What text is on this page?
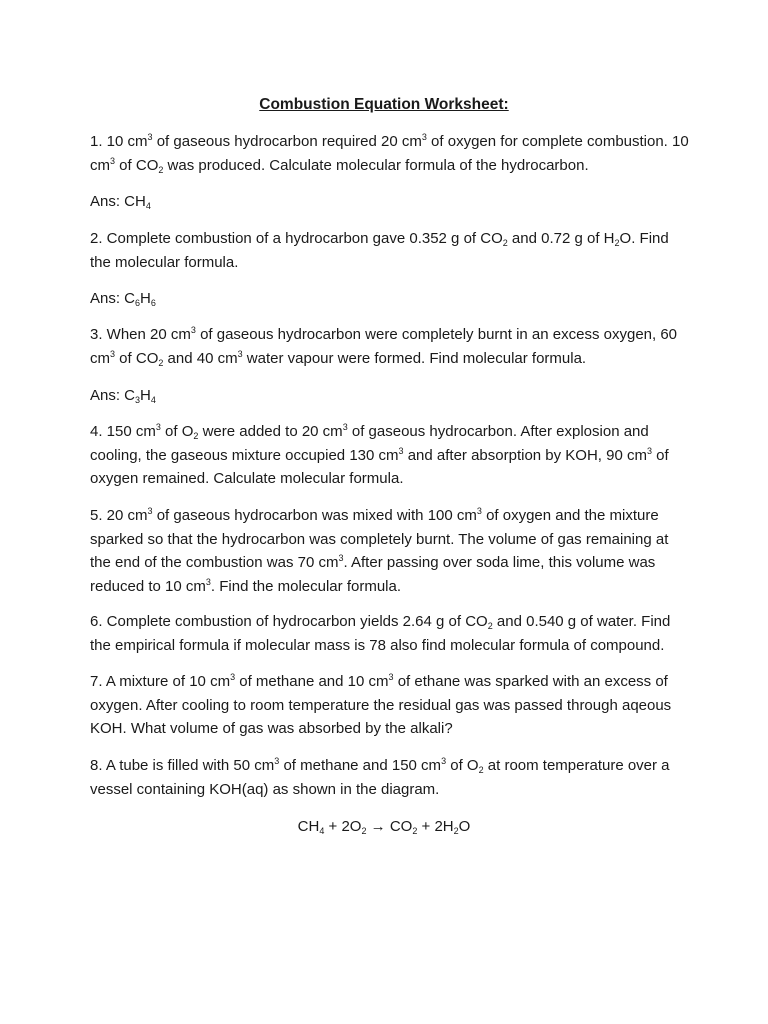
Combustion Equation Worksheet:

1. 10 $cm^3$ of gaseous hydrocarbon required 20 $cm^3$ of oxygen for complete combustion. 10 $cm^3$ of $CO_2$ was produced. Calculate molecular formula of the hydrocarbon.

Ans: $CH_4$

2. Complete combustion of a hydrocarbon gave 0.352 g of $CO_2$ and 0.72 g of $H_2O$. Find the molecular formula.

Ans: $C_6H_6$

3. When 20 $cm^3$ of gaseous hydrocarbon were completely burnt in an excess oxygen, 60 $cm^3$ of $CO_2$ and 40 $cm^3$ water vapour were formed. Find molecular formula.

Ans: $C_3H_4$

4. 150 $cm^3$ of $O_2$ were added to 20 $cm^3$ of gaseous hydrocarbon. After explosion and cooling, the gaseous mixture occupied 130 $cm^3$ and after absorption by KOH, 90 $cm^3$ of oxygen remained. Calculate molecular formula.

5. 20 $cm^3$ of gaseous hydrocarbon was mixed with 100 $cm^3$ of oxygen and the mixture sparked so that the hydrocarbon was completely burnt. The volume of gas remaining at the end of the combustion was 70 $cm^3$. After passing over soda lime, this volume was reduced to 10 $cm^3$. Find the molecular formula.

6. Complete combustion of hydrocarbon yields 2.64 g of $CO_2$ and 0.540 g of water. Find the empirical formula if molecular mass is 78 also find molecular formula of compound.

7. A mixture of 10 $cm^3$ of methane and 10 $cm^3$ of ethane was sparked with an excess of oxygen. After cooling to room temperature the residual gas was passed through aqeous KOH. What volume of gas was absorbed by the alkali?

8. A tube is filled with 50 $cm^3$ of methane and 150 $cm^3$ of $O_2$ at room temperature over a vessel containing KOH(aq) as shown in the diagram.

$CH_4 + 2O_2 \to CO_2 + 2H_2O$
